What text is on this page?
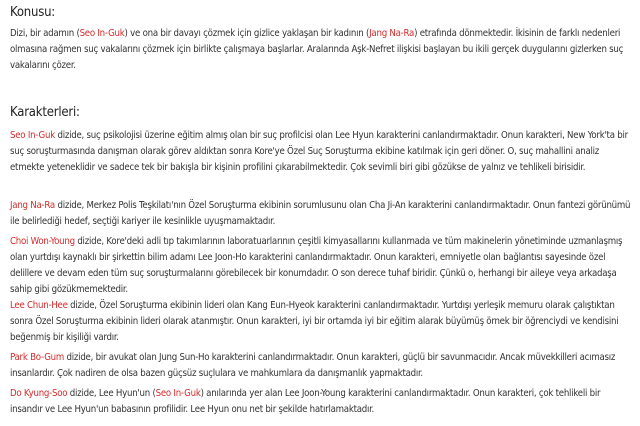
Konusu:

Dizi, bir adamın (Seo In-Guk) ve ona bir davayı çözmek için gizlice yaklaşan bir kadının (Jang Na-Ra) etrafında dönmektedir. İkisinin de farklı nedenleri olmasına rağmen suç vakalarını çözmek için birlikte çalışmaya başlarlar. Aralarında Aşk-Nefret ilişkisi başlayan bu ikili gerçek duygularını gizlerken suç vakalarını çözer.

Karakterleri:

Seo In-Guk dizide, suç psikolojisi üzerine eğitim almış olan bir suç profilcisi olan Lee Hyun karakterini canlandırmaktadır. Onun karakteri, New York'ta bir suç soruşturmasında danışman olarak görev aldıktan sonra Kore'ye Özel Suç Soruşturma ekibine katılmak için geri döner. O, suç mahallini analiz etmekte yeteneklidir ve sadece tek bir bakışla bir kişinin profilini çıkarabilmektedir. Çok sevimli biri gibi gözükse de yalnız ve tehlikeli birisidir.

Jang Na-Ra dizide, Merkez Polis Teşkilatı'nın Özel Soruşturma ekibinin sorumlusunu olan Cha Ji-An karakterini canlandırmaktadır. Onun fantezi görünümü ile belirlediği hedef, seçtiği kariyer ile kesinlikle uyuşmamaktadır.

Choi Won-Young dizide, Kore'deki adli tıp takımlarının laboratuarlarının çeşitli kimyasallarını kullanmada ve tüm makinelerin yönetiminde uzmanlaşmış olan yurtdışı kaynaklı bir şirkettin bilim adamı Lee Joon-Ho karakterini canlandırmaktadır. Onun karakteri, emniyetle olan bağlantısı sayesinde özel delillere ve devam eden tüm suç soruşturmalarını görebilecek bir konumdadır. O son derece tuhaf biridir. Çünkü o, herhangi bir aileye veya arkadaşa sahip gibi gözükmemektedir.

Lee Chun-Hee dizide, Özel Soruşturma ekibinin lideri olan Kang Eun-Hyeok karakterini canlandırmaktadır. Yurtdışı yerleşik memuru olarak çalıştıktan sonra Özel Soruşturma ekibinin lideri olarak atanmıştır. Onun karakteri, iyi bir ortamda iyi bir eğitim alarak büyümüş örnek bir öğrenciydi ve kendisini beğenmiş bir kişiliği vardır.

Park Bo-Gum dizide, bir avukat olan Jung Sun-Ho karakterini canlandırmaktadır. Onun karakteri, güçlü bir savunmacıdır. Ancak müvekkilleri acımasız insanlardır. Çok nadiren de olsa bazen güçsüz suçlulara ve mahkumlara da danışmanlık yapmaktadır.

Do Kyung-Soo dizide, Lee Hyun'un (Seo In-Guk) anılarında yer alan Lee Joon-Young karakterini canlandırmaktadır. Onun karakteri, çok tehlikeli bir insandır ve Lee Hyun'un babasının profilidir. Lee Hyun onu net bir şekilde hatırlamaktadır.
